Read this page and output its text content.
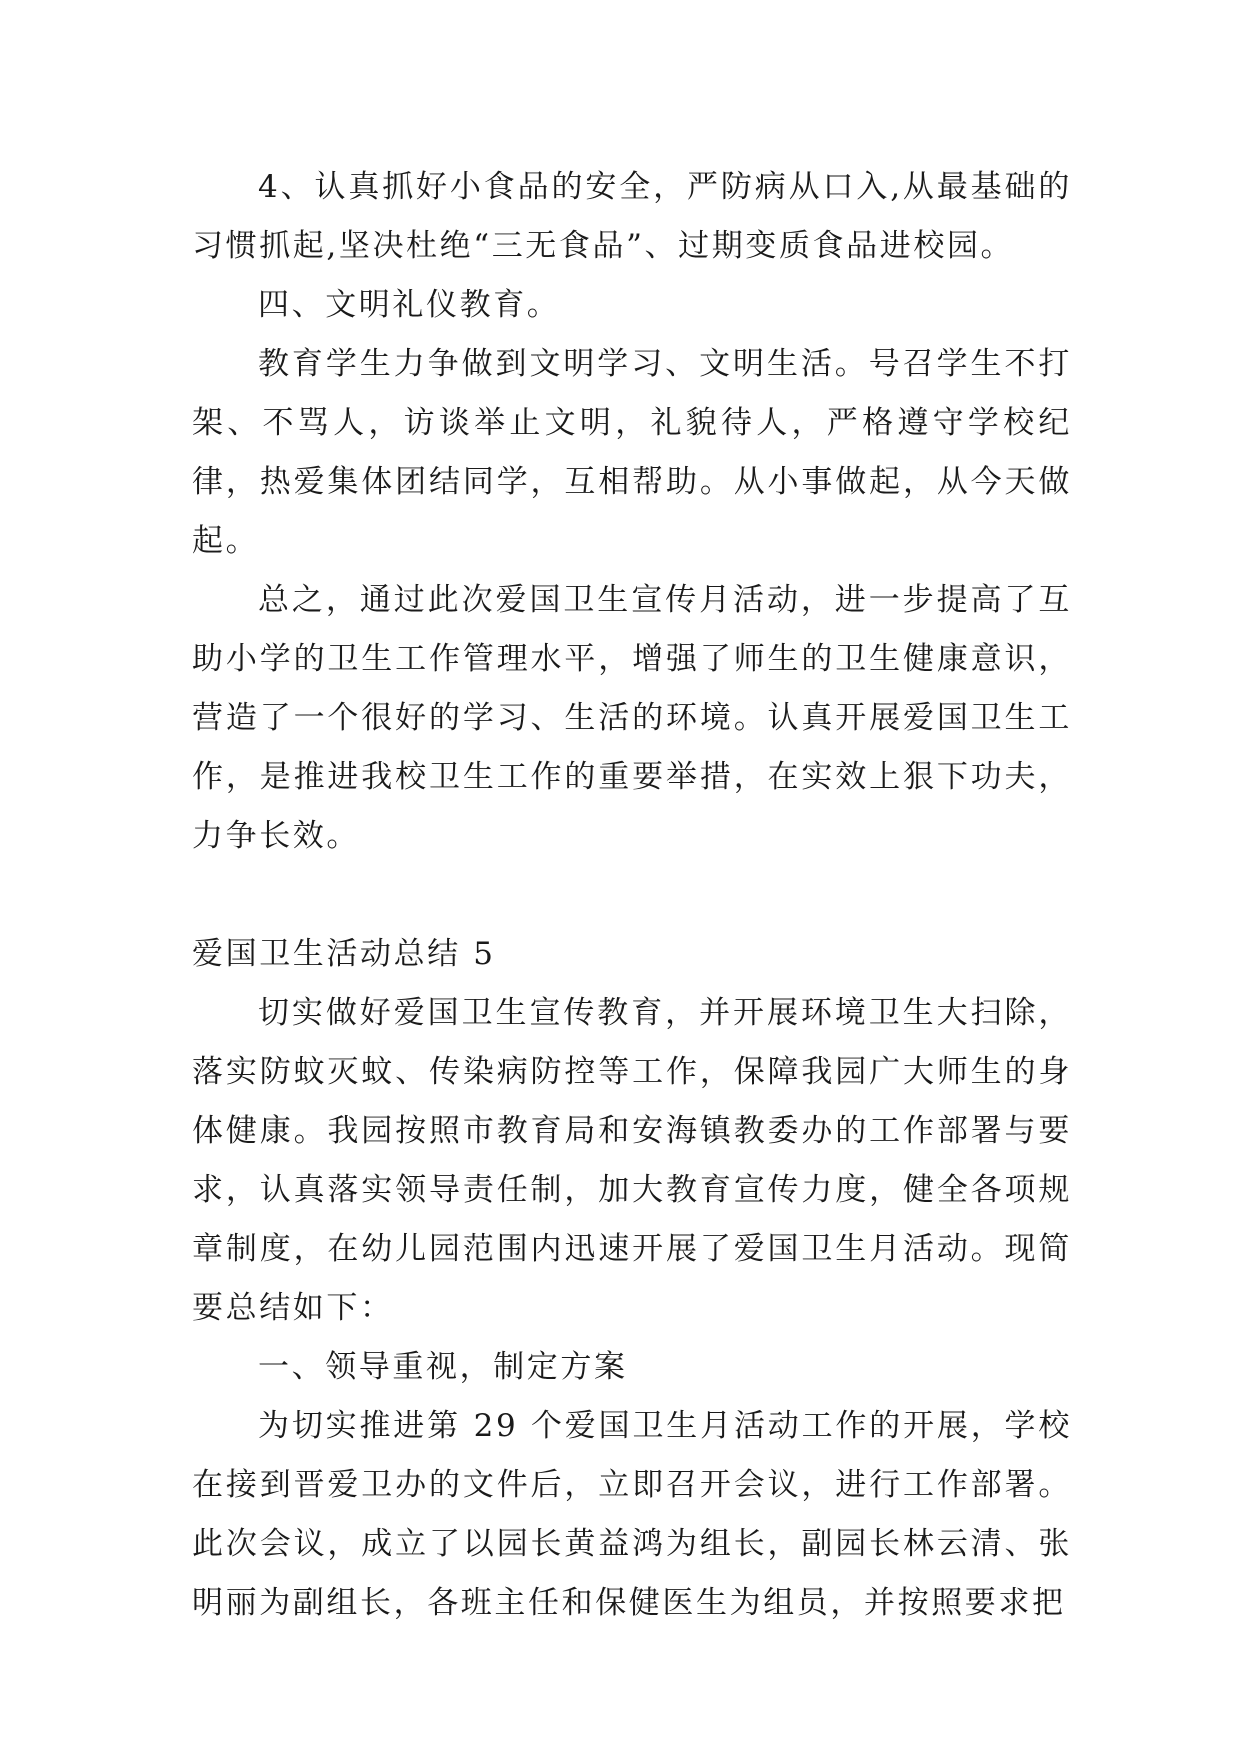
4、认真抓好小食品的安全，严防病从口入,从最基础的习惯抓起,坚决杜绝“三无食品”、过期变质食品进校园。

四、文明礼仪教育。

教育学生力争做到文明学习、文明生活。号召学生不打架、不骂人，访谈举止文明，礼貌待人，严格遵守学校纪律，热爱集体团结同学，互相帮助。从小事做起，从今天做起。

总之，通过此次爱国卫生宣传月活动，进一步提高了互助小学的卫生工作管理水平，增强了师生的卫生健康意识，营造了一个很好的学习、生活的环境。认真开展爱国卫生工作，是推进我校卫生工作的重要举措，在实效上狠下功夫，力争长效。

爱国卫生活动总结 5

切实做好爱国卫生宣传教育，并开展环境卫生大扫除，落实防蚊灭蚊、传染病防控等工作，保障我园广大师生的身体健康。我园按照市教育局和安海镇教委办的工作部署与要求，认真落实领导责任制，加大教育宣传力度，健全各项规章制度，在幼儿园范围内迅速开展了爱国卫生月活动。现简要总结如下：

一、领导重视，制定方案

为切实推进第 29 个爱国卫生月活动工作的开展，学校在接到晋爱卫办的文件后，立即召开会议，进行工作部署。此次会议，成立了以园长黄益鸿为组长，副园长林云清、张明丽为副组长，各班主任和保健医生为组员，并按照要求把
